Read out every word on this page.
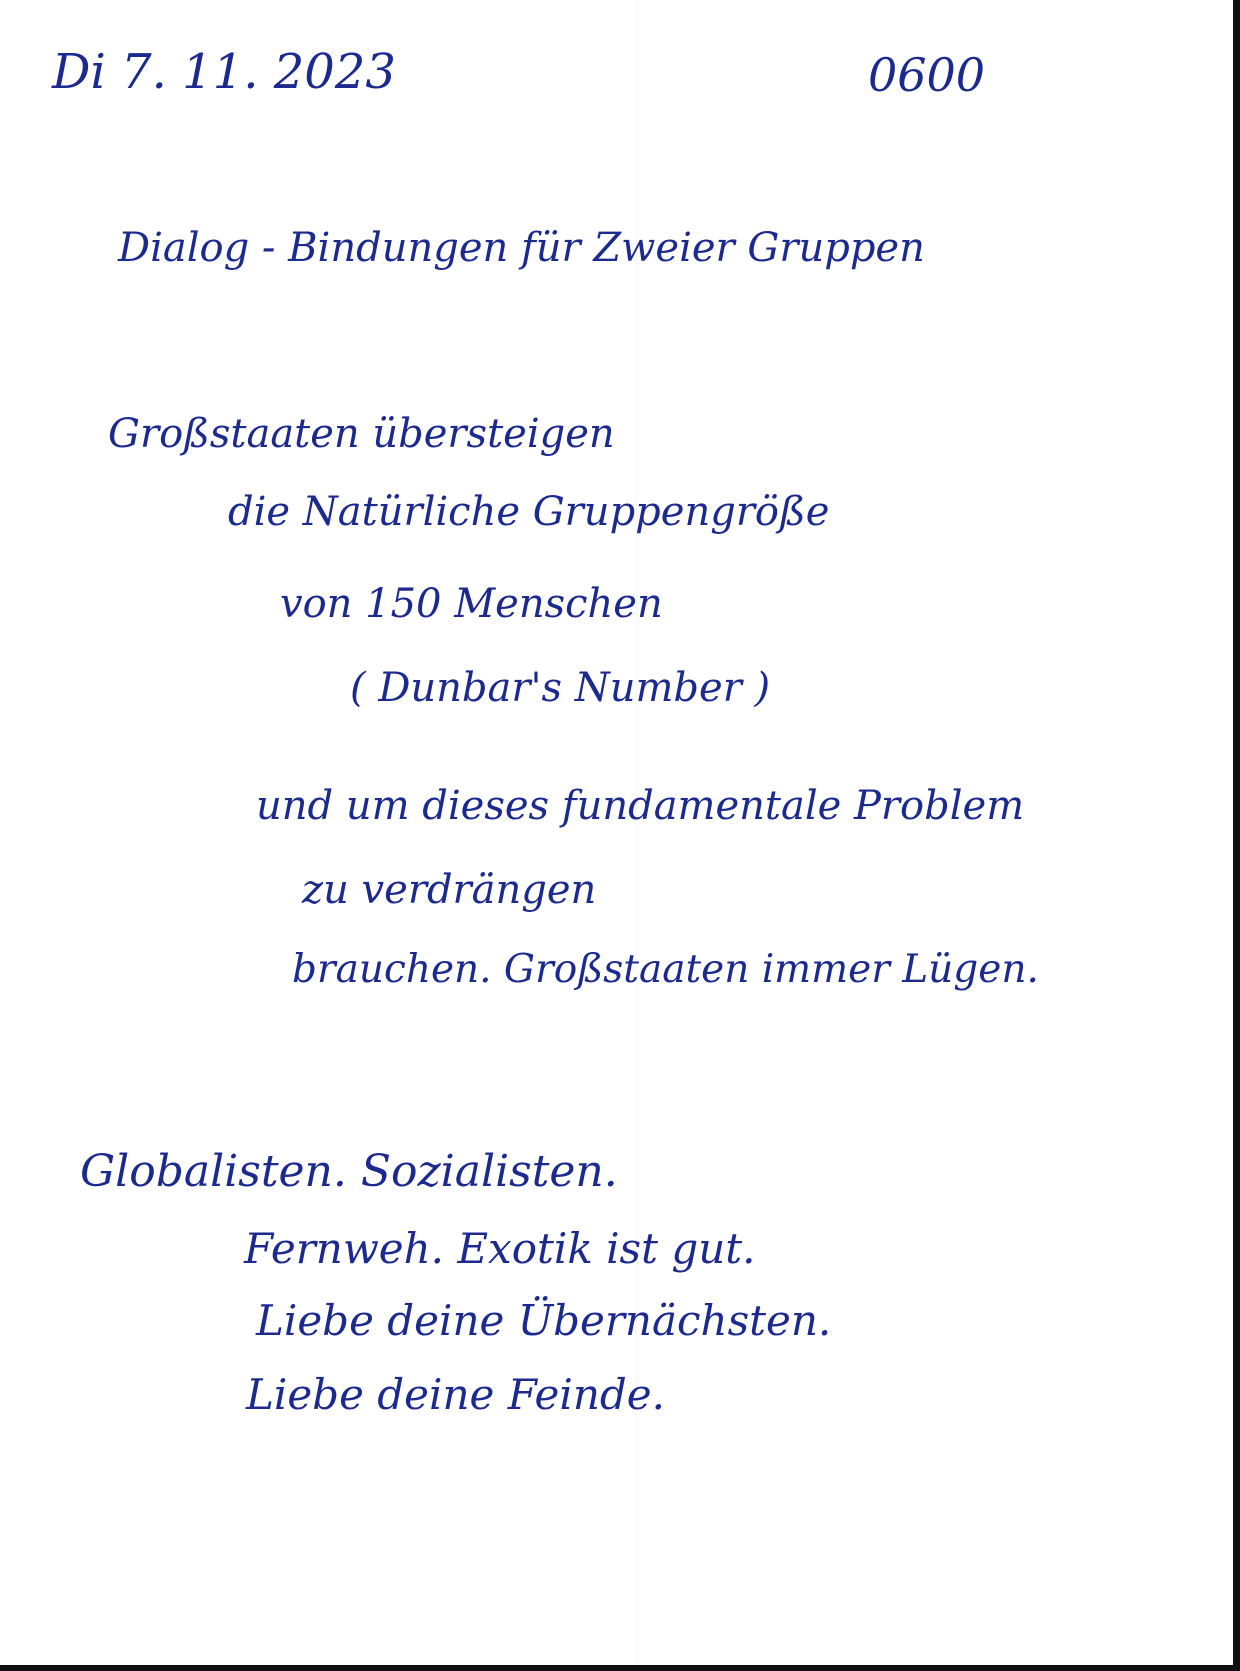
Di 7. 11. 2023	0600

Dialog - Bindungen für Zweier Gruppen

Großstaaten übersteigen

die Natürliche Gruppengröße

von 150 Menschen

( Dunbar's Number )

und um dieses fundamentale Problem

zu verdrängen

brauchen. Großstaaten immer Lügen.

Globalisten. Sozialisten.

Fernweh. Exotik ist gut.

Liebe deine Übernächsten.

Liebe deine Feinde.
